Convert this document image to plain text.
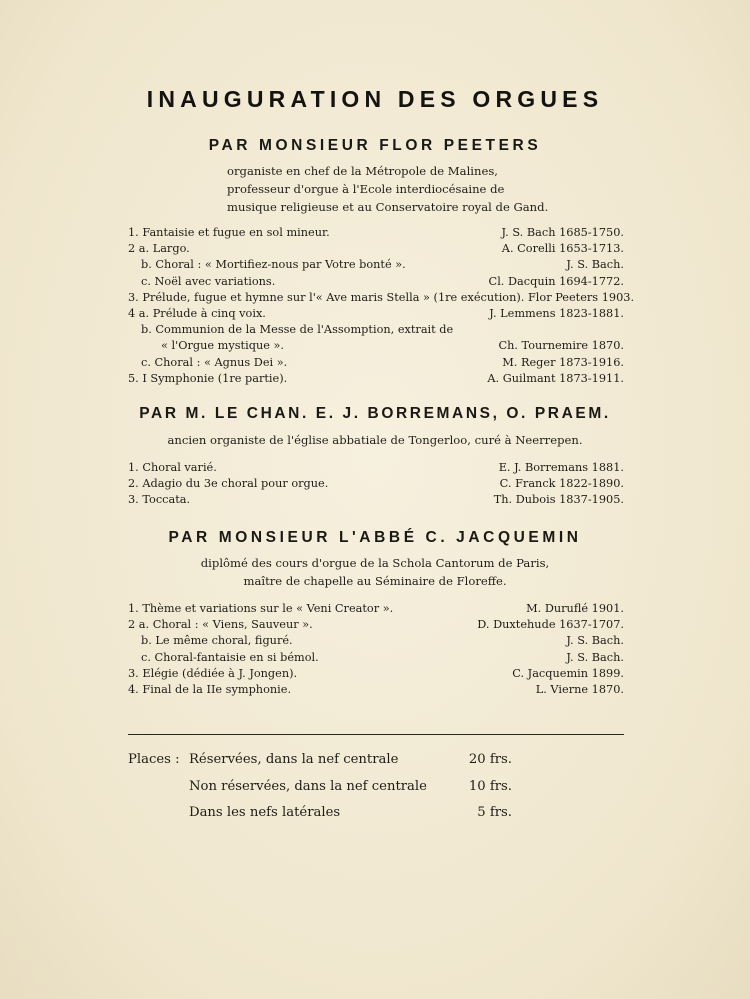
INAUGURATION DES ORGUES
PAR MONSIEUR FLOR PEETERS
organiste en chef de la Métropole de Malines,
professeur d'orgue à l'Ecole interdiocésaine de
musique religieuse et au Conservatoire royal de Gand.
1. Fantaisie et fugue en sol mineur.	J. S. Bach 1685-1750.
2 a. Largo.	A. Corelli 1653-1713.
b. Choral : « Mortifiez-nous par Votre bonté ».	J. S. Bach.
c. Noël avec variations.	Cl. Dacquin 1694-1772.
3. Prélude, fugue et hymne sur l'« Ave maris Stella » (1re exécution). Flor Peeters 1903.
4 a. Prélude à cinq voix.	J. Lemmens 1823-1881.
b. Communion de la Messe de l'Assomption, extrait de
« l'Orgue mystique ».	Ch. Tournemire 1870.
c. Choral : « Agnus Dei ».	M. Reger 1873-1916.
5. I Symphonie (1re partie).	A. Guilmant 1873-1911.
PAR M. LE CHAN. E. J. BORREMANS, O. PRAEM.
ancien organiste de l'église abbatiale de Tongerloo, curé à Neerrepen.
1. Choral varié.	E. J. Borremans 1881.
2. Adagio du 3e choral pour orgue.	C. Franck 1822-1890.
3. Toccata.	Th. Dubois 1837-1905.
PAR MONSIEUR L'ABBÉ C. JACQUEMIN
diplômé des cours d'orgue de la Schola Cantorum de Paris,
maître de chapelle au Séminaire de Floreffe.
1. Thème et variations sur le « Veni Creator ».	M. Duruflé 1901.
2 a. Choral : « Viens, Sauveur ».	D. Duxtehude 1637-1707.
b. Le même choral, figuré.	J. S. Bach.
c. Choral-fantaisie en si bémol.	J. S. Bach.
3. Elégie (dédiée à J. Jongen).	C. Jacquemin 1899.
4. Final de la IIe symphonie.	L. Vierne 1870.
Places : Réservées, dans la nef centrale	20 frs.
Non réservées, dans la nef centrale	10 frs.
Dans les nefs latérales	5 frs.
